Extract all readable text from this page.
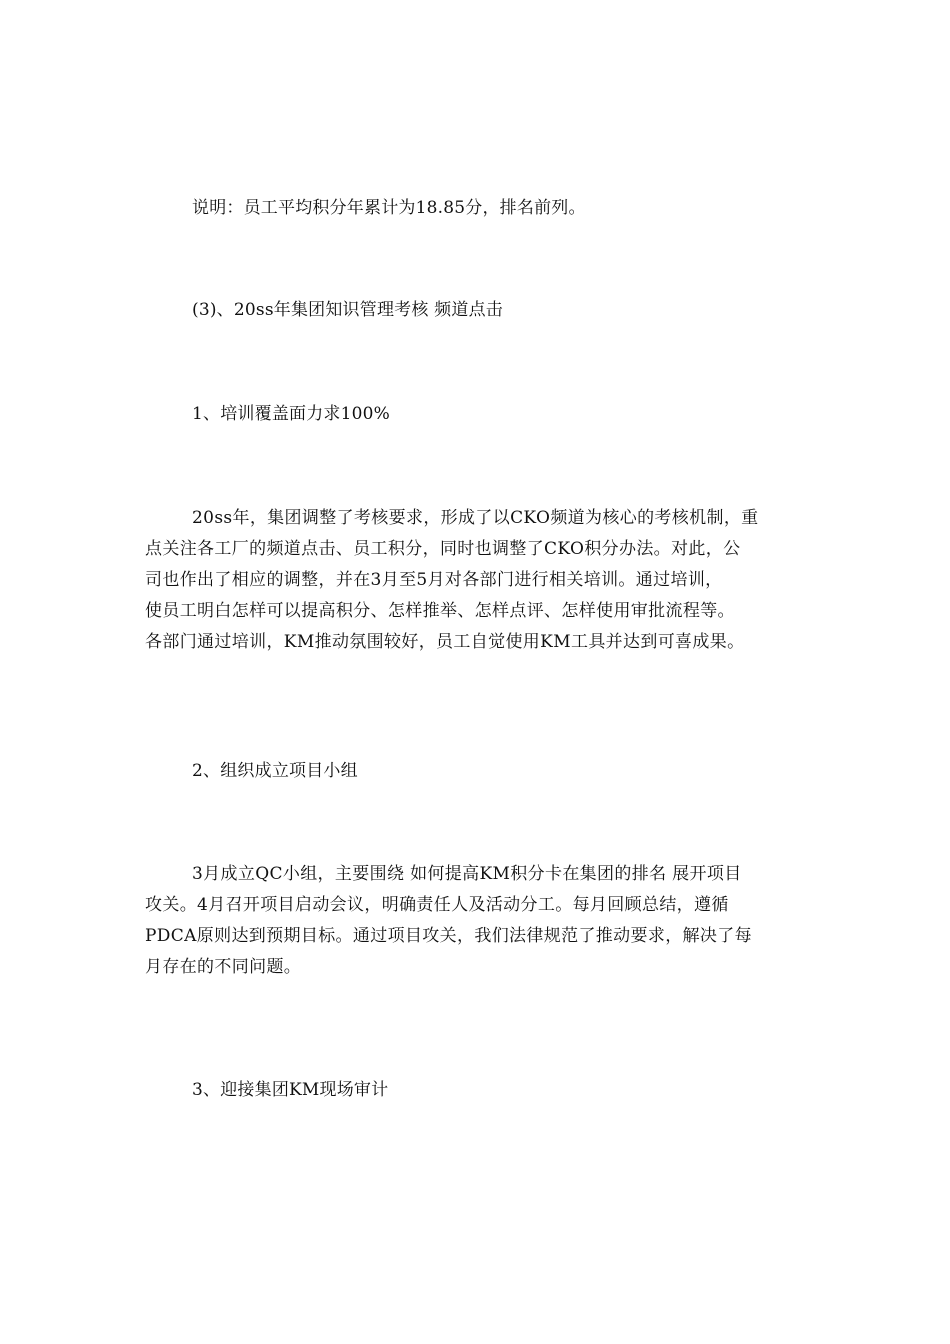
说明：员工平均积分年累计为18.85分，排名前列。
(3)、20ss年集团知识管理考核 频道点击
1、培训覆盖面力求100%
20ss年，集团调整了考核要求，形成了以CKO频道为核心的考核机制，重
点关注各工厂的频道点击、员工积分，同时也调整了CKO积分办法。对此，公
司也作出了相应的调整，并在3月至5月对各部门进行相关培训。通过培训，
使员工明白怎样可以提高积分、怎样推举、怎样点评、怎样使用审批流程等。
各部门通过培训，KM推动氛围较好，员工自觉使用KM工具并达到可喜成果。
2、组织成立项目小组
3月成立QC小组，主要围绕 如何提高KM积分卡在集团的排名 展开项目
攻关。4月召开项目启动会议，明确责任人及活动分工。每月回顾总结，遵循
PDCA原则达到预期目标。通过项目攻关，我们法律规范了推动要求，解决了每
月存在的不同问题。
3、迎接集团KM现场审计
